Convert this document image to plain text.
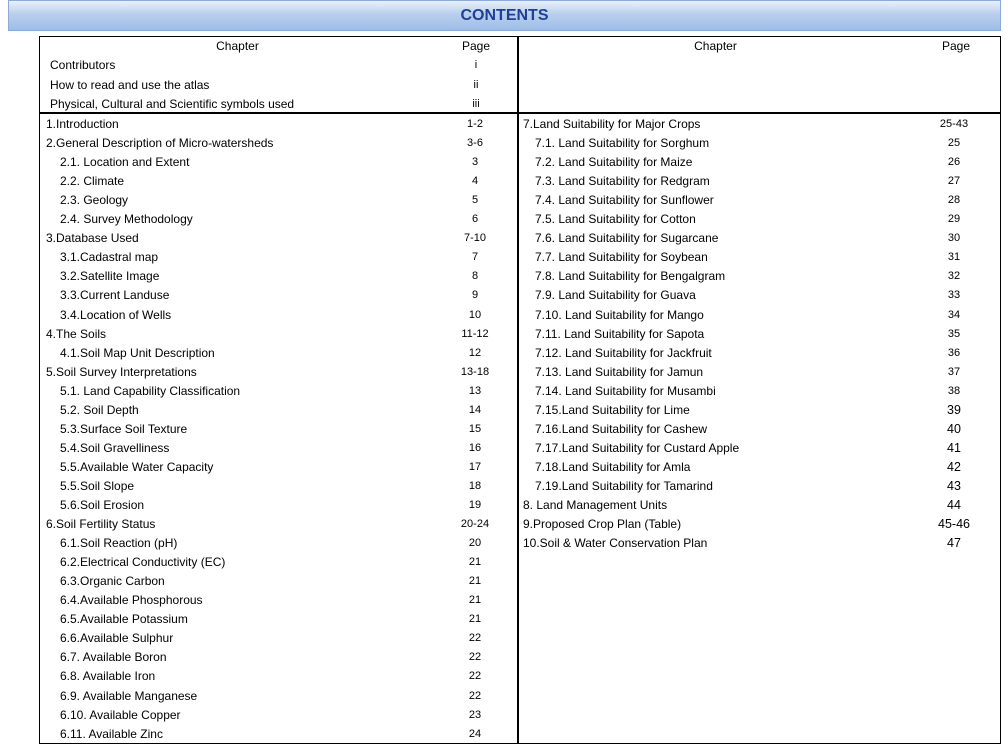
CONTENTS
Chapter	Page
Contributors	i
How to read and use the atlas	ii
Physical, Cultural and Scientific symbols used	iii
Chapter	Page
1.Introduction	1-2
2.General Description of Micro-watersheds	3-6
2.1. Location and Extent	3
2.2. Climate	4
2.3. Geology	5
2.4. Survey Methodology	6
3.Database Used	7-10
3.1.Cadastral map	7
3.2.Satellite Image	8
3.3.Current Landuse	9
3.4.Location of Wells	10
4.The Soils	11-12
4.1.Soil Map Unit Description	12
5.Soil Survey Interpretations	13-18
5.1. Land Capability Classification	13
5.2. Soil Depth	14
5.3.Surface Soil Texture	15
5.4.Soil Gravelliness	16
5.5.Available Water Capacity	17
5.5.Soil Slope	18
5.6.Soil Erosion	19
6.Soil Fertility Status	20-24
6.1.Soil Reaction (pH)	20
6.2.Electrical Conductivity (EC)	21
6.3.Organic Carbon	21
6.4.Available Phosphorous	21
6.5.Available Potassium	21
6.6.Available Sulphur	22
6.7. Available Boron	22
6.8. Available Iron	22
6.9. Available Manganese	22
6.10. Available Copper	23
6.11. Available Zinc	24
7.Land Suitability for Major Crops	25-43
7.1. Land Suitability for Sorghum	25
7.2. Land Suitability for Maize	26
7.3. Land Suitability for Redgram	27
7.4. Land Suitability for Sunflower	28
7.5. Land Suitability for Cotton	29
7.6. Land Suitability for Sugarcane	30
7.7. Land Suitability for Soybean	31
7.8. Land Suitability for Bengalgram	32
7.9. Land Suitability for Guava	33
7.10. Land Suitability for Mango	34
7.11. Land Suitability for Sapota	35
7.12. Land Suitability for Jackfruit	36
7.13. Land Suitability for Jamun	37
7.14. Land Suitability for Musambi	38
7.15.Land Suitability for Lime	39
7.16.Land Suitability for Cashew	40
7.17.Land Suitability for Custard Apple	41
7.18.Land Suitability for Amla	42
7.19.Land Suitability for Tamarind	43
8. Land Management Units	44
9.Proposed Crop Plan (Table)	45-46
10.Soil & Water Conservation Plan	47
